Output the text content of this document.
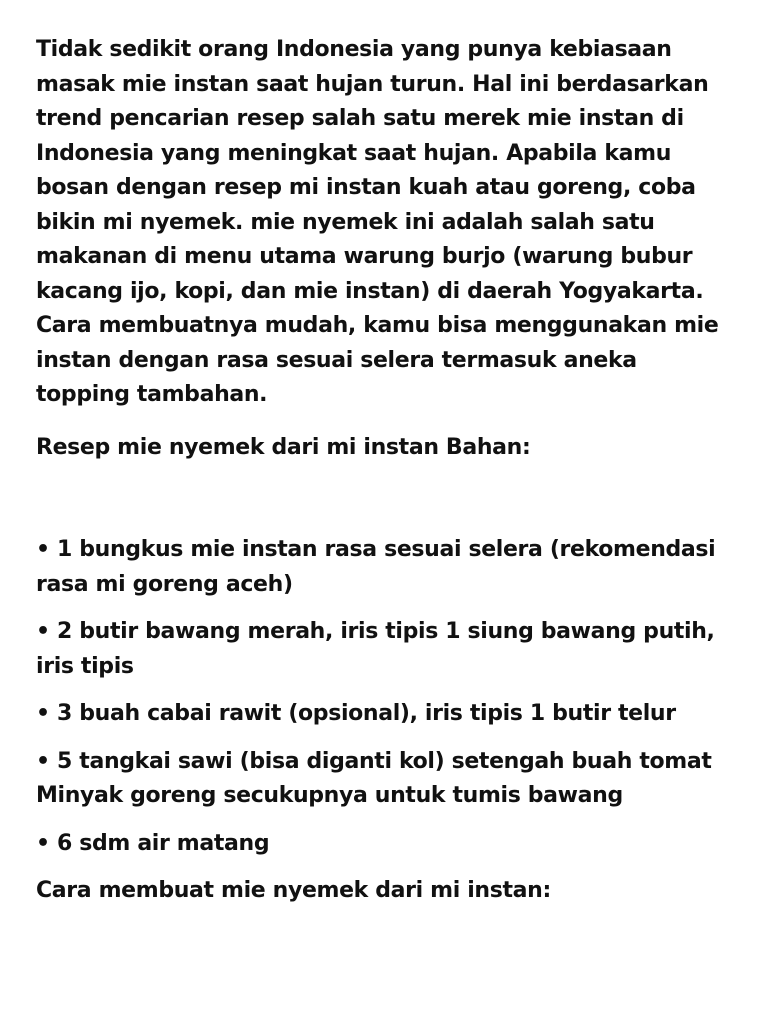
Tidak sedikit orang Indonesia yang punya kebiasaan masak mie instan saat hujan turun. Hal ini berdasarkan trend pencarian resep salah satu merek mie instan di Indonesia yang meningkat saat hujan. Apabila kamu bosan dengan resep mi instan kuah atau goreng, coba bikin mi nyemek. mie nyemek ini adalah salah satu makanan di menu utama warung burjo (warung bubur kacang ijo, kopi, dan mie instan) di daerah Yogyakarta. Cara membuatnya mudah, kamu bisa menggunakan mie instan dengan rasa sesuai selera termasuk aneka topping tambahan.

Resep mie nyemek dari mi instan Bahan:

• 1 bungkus mie instan rasa sesuai selera (rekomendasi rasa mi goreng aceh)

• 2 butir bawang merah, iris tipis 1 siung bawang putih, iris tipis

• 3 buah cabai rawit (opsional), iris tipis 1 butir telur

• 5 tangkai sawi (bisa diganti kol) setengah buah tomat Minyak goreng secukupnya untuk tumis bawang

• 6 sdm air matang

Cara membuat mie nyemek dari mi instan:
